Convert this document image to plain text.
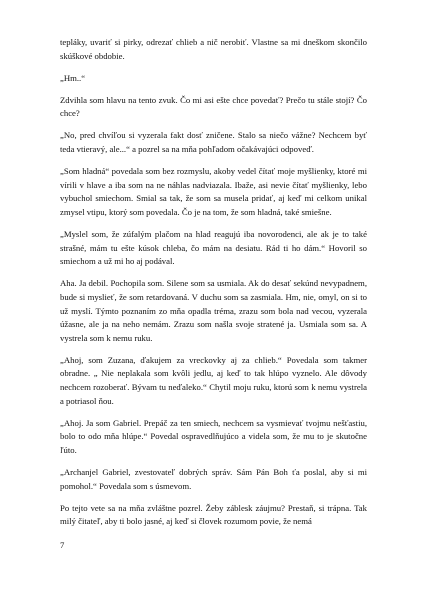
tepláky, uvariť si pirky, odrezať chlieb a nič nerobiť. Vlastne sa mi dneškom skončilo skúškové obdobie.

„Hm..“

Zdvihla som hlavu na tento zvuk. Čo mi asi ešte chce povedať? Prečo tu stále stojí? Čo chce?

„No, pred chvíľou si vyzerala fakt dosť zničene. Stalo sa niečo vážne? Nechcem byť teda vtieravý, ale...“ a pozrel sa na mňa pohľadom očakávajúci odpoveď.

„Som hladná“ povedala som bez rozmyslu, akoby vedel čítať moje myšlienky, ktoré mi vírili v hlave a iba som na ne náhlas nadviazala. Ibaže, asi nevie čítať myšlienky, lebo vybuchol smiechom. Smial sa tak, že som sa musela pridať, aj keď mi celkom unikal zmysel vtipu, ktorý som povedala. Čo je na tom, že som hladná, také smiešne.

„Myslel som, že zúfalým plačom na hlad reagujú iba novorodenci, ale ak je to také strašné, mám tu ešte kúsok chleba, čo mám na desiatu. Rád ti ho dám.“ Hovoril so smiechom a už mi ho aj podával.

Aha. Ja debil. Pochopila som. Silene som sa usmiala. Ak do desať sekúnd nevypadnem, bude si myslieť, že som retardovaná. V duchu som sa zasmiala. Hm, nie, omyl, on si to už myslí. Týmto poznaním zo mňa opadla tréma, zrazu som bola nad vecou, vyzerala úžasne, ale ja na neho nemám. Zrazu som našla svoje stratené ja. Usmiala som sa. A vystrela som k nemu ruku.

„Ahoj, som Zuzana, ďakujem za vreckovky aj za chlieb.“ Povedala som takmer obradne. „ Nie neplakala som kvôli jedlu, aj keď to tak hlúpo vyznelo. Ale dôvody nechcem rozoberať. Bývam tu neďaleko.“ Chytil moju ruku, ktorú som k nemu vystrela a potriasol ňou.

„Ahoj. Ja som Gabriel. Prepáč za ten smiech, nechcem sa vysmievať tvojmu nešťastiu, bolo to odo mňa hlúpe.“ Povedal ospravedlňujúco a videla som, že mu to je skutočne ľúto.

„Archanjel Gabriel, zvestovateľ dobrých správ. Sám Pán Boh ťa poslal, aby si mi pomohol.“ Povedala som s úsmevom.

Po tejto vete sa na mňa zvláštne pozrel. Žeby záblesk záujmu? Prestaň, si trápna. Tak milý čitateľ, aby ti bolo jasné, aj keď si človek rozumom povie, že nemá

7
